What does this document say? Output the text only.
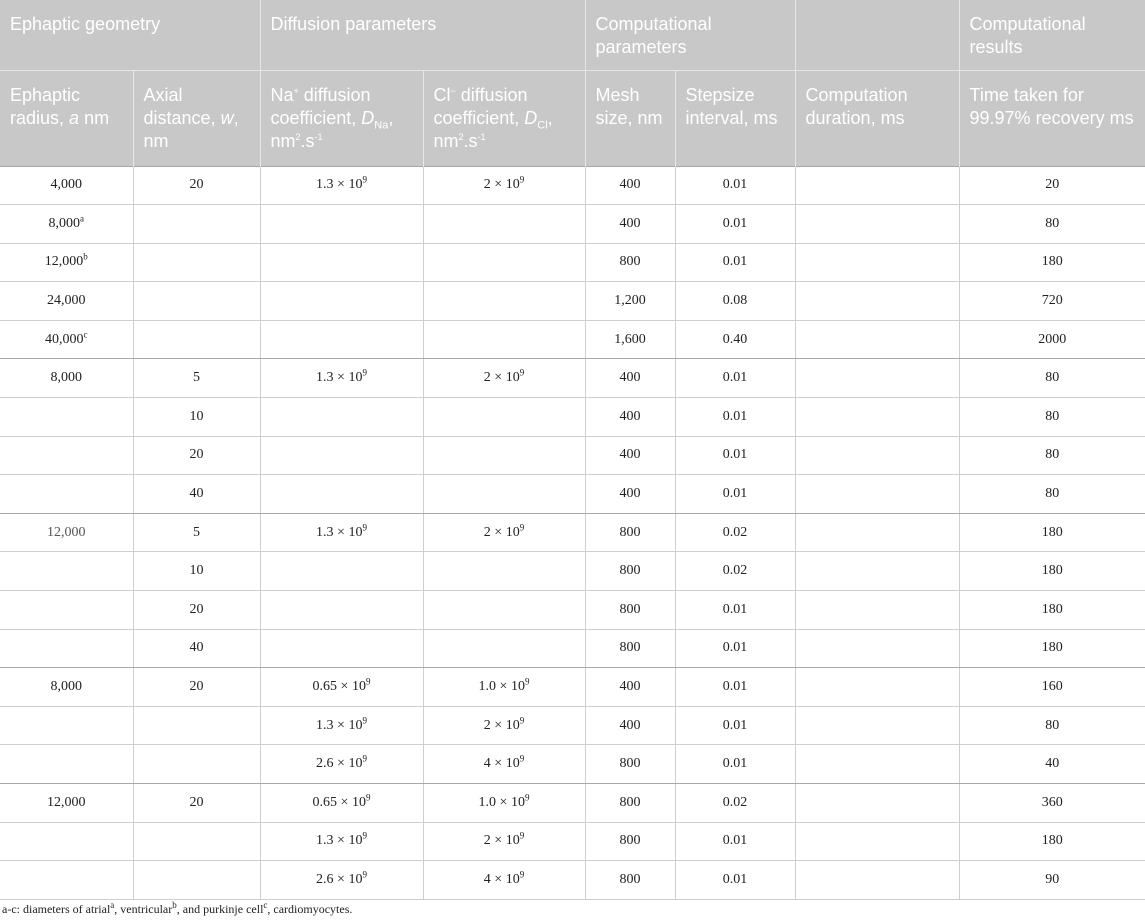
Ephaptic geometry		Diffusion parameters		Computational parameters			Computational results
Ephaptic radius, a nm	Axial distance, w, nm	Na+ diffusion coefficient, $D_{Na}$, $nm^2.s^{-1}$	Cl− diffusion coefficient, $D_{Cl}$, $nm^2.s^{-1}$	Mesh size, nm	Stepsize interval, ms	Computation duration, ms	Time taken for 99.97% recovery ms
4,000	20	$1.3 \times 10^9$	$2 \times 10^9$	400	0.01		20
8,000$^a$				400	0.01		80
12,000$^b$				800	0.01		180
24,000				1,200	0.08		720
40,000$^c$				1,600	0.40		2000
8,000	5	$1.3 \times 10^9$	$2 \times 10^9$	400	0.01		80
	10			400	0.01		80
	20			400	0.01		80
	40			400	0.01		80
12,000	5	$1.3 \times 10^9$	$2 \times 10^9$	800	0.02		180
	10			800	0.02		180
	20			800	0.01		180
	40			800	0.01		180
8,000	20	$0.65 \times 10^9$	$1.0 \times 10^9$	400	0.01		160
		$1.3 \times 10^9$	$2 \times 10^9$	400	0.01		80
		$2.6 \times 10^9$	$4 \times 10^9$	800	0.01		40
12,000	20	$0.65 \times 10^9$	$1.0 \times 10^9$	800	0.02		360
		$1.3 \times 10^9$	$2 \times 10^9$	800	0.01		180
		$2.6 \times 10^9$	$4 \times 10^9$	800	0.01		90
a-c: diameters of atrial$^a$, ventricular$^b$, and purkinje cell$^c$, cardiomyocytes.
